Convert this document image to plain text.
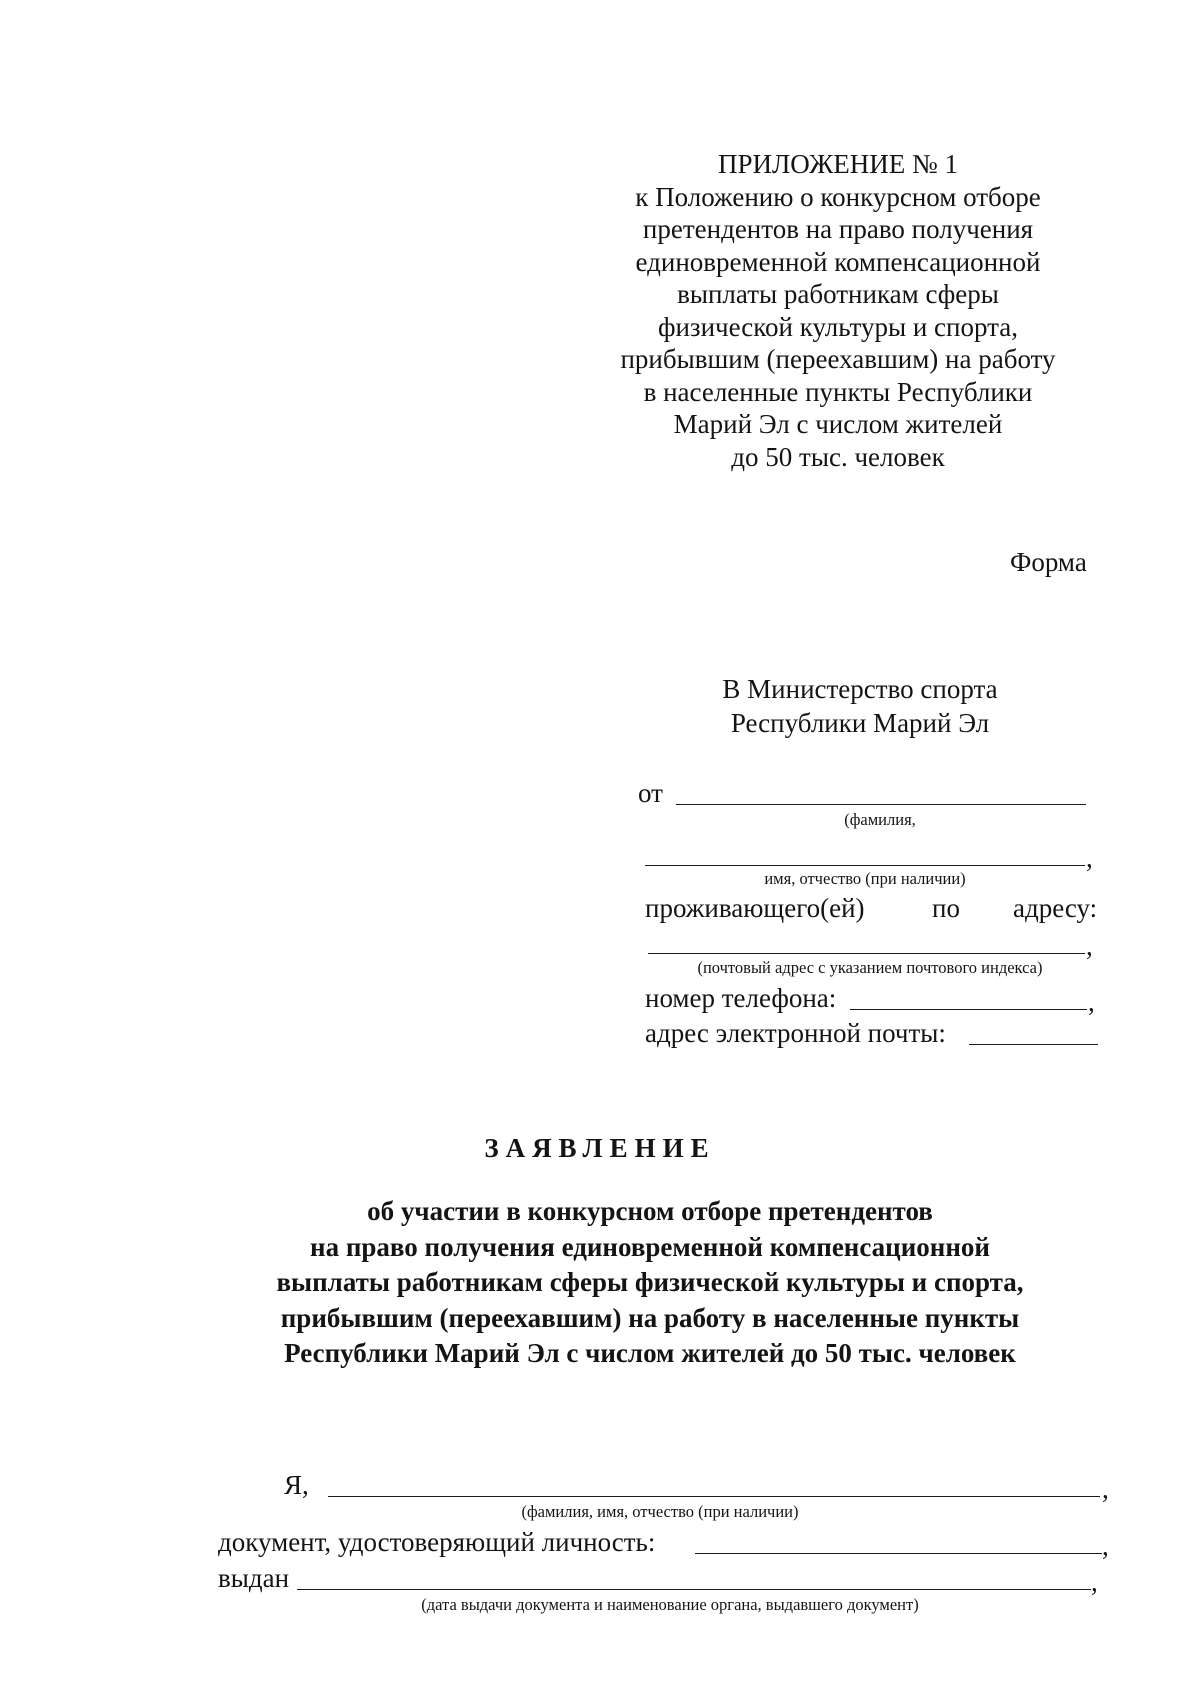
ПРИЛОЖЕНИЕ № 1
к Положению о конкурсном отборе
претендентов на право получения
единовременной компенсационной
выплаты работникам сферы
физической культуры и спорта,
прибывшим (переехавшим) на работу
в населенные пункты Республики
Марий Эл с числом жителей
до 50 тыс. человек
Форма
В Министерство спорта
Республики Марий Эл
от
(фамилия,
,
имя, отчество (при наличии)
проживающего(ей) по адресу:
,
(почтовый адрес с указанием почтового индекса)
номер телефона:	,
адрес электронной почты:
ЗАЯВЛЕНИЕ
об участии в конкурсном отборе претендентов
на право получения единовременной компенсационной
выплаты работникам сферы физической культуры и спорта,
прибывшим (переехавшим) на работу в населенные пункты
Республики Марий Эл с числом жителей до 50 тыс. человек
Я,	,
(фамилия, имя, отчество (при наличии)
документ, удостоверяющий личность:	,
выдан	,
(дата выдачи документа и наименование органа, выдавшего документ)
